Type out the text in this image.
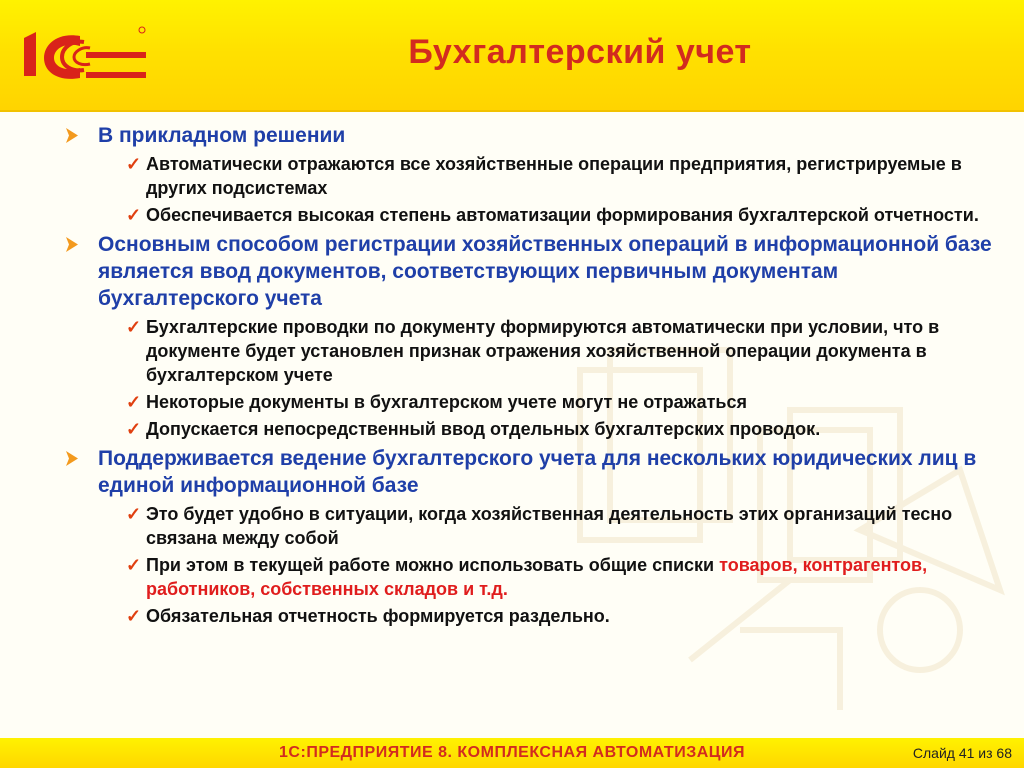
Бухгалтерский учет
В прикладном решении
✓ Автоматически отражаются все хозяйственные операции предприятия, регистрируемые в других подсистемах
✓ Обеспечивается высокая степень автоматизации формирования бухгалтерской отчетности.
Основным способом регистрации хозяйственных операций в информационной базе является ввод документов, соответствующих первичным документам бухгалтерского учета
✓ Бухгалтерские проводки по документу формируются автоматически при условии, что в документе будет установлен признак отражения хозяйственной операции документа в бухгалтерском учете
✓ Некоторые документы в бухгалтерском учете могут не отражаться
✓ Допускается непосредственный ввод отдельных бухгалтерских проводок.
Поддерживается ведение бухгалтерского учета для нескольких юридических лиц в единой информационной базе
✓ Это будет удобно в ситуации, когда хозяйственная деятельность этих организаций тесно связана между собой
✓ При этом в текущей работе можно использовать общие списки товаров, контрагентов, работников, собственных складов и т.д.
✓ Обязательная отчетность формируется раздельно.
1С:ПРЕДПРИЯТИЕ 8. КОМПЛЕКСНАЯ АВТОМАТИЗАЦИЯ	Слайд 41 из 68
